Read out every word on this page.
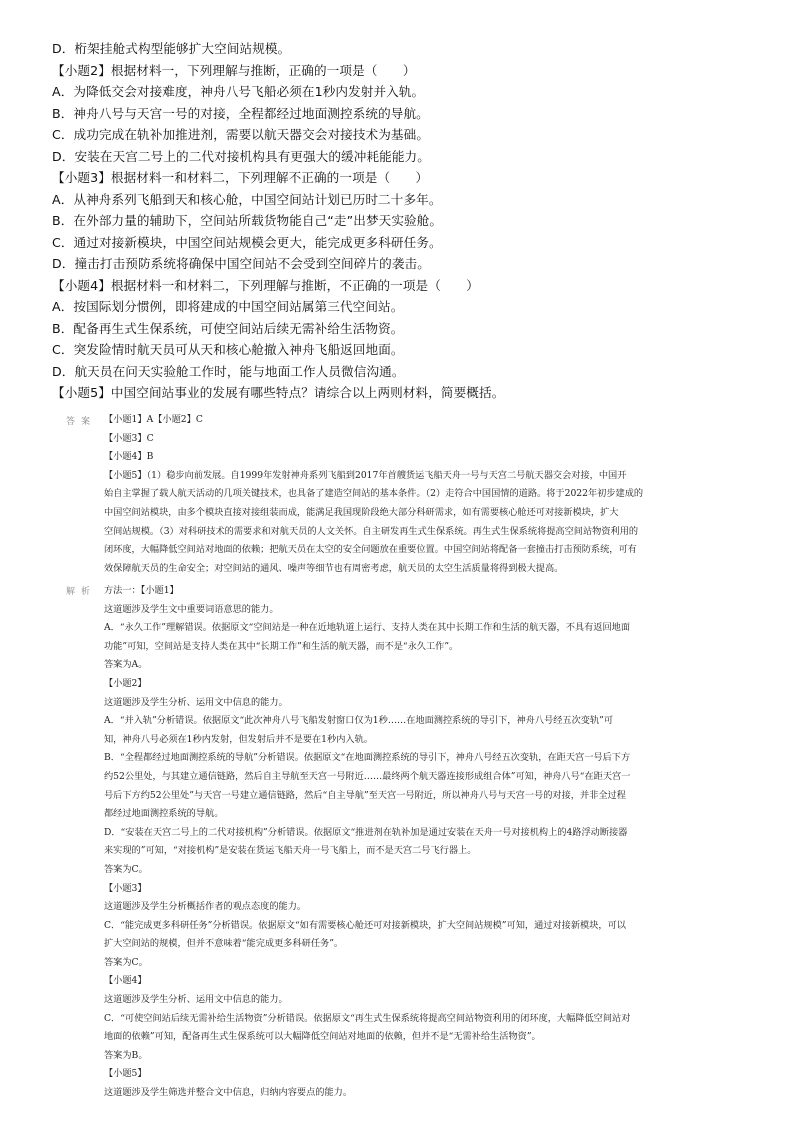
D．桁架挂舱式构型能够扩大空间站规模。
【小题2】根据材料一，下列理解与推断，正确的一项是（　　）
A．为降低交会对接难度，神舟八号飞船必须在1秒内发射并入轨。
B．神舟八号与天宫一号的对接，全程都经过地面测控系统的导航。
C．成功完成在轨补加推进剂，需要以航天器交会对接技术为基础。
D．安装在天宫二号上的二代对接机构具有更强大的缓冲耗能能力。
【小题3】根据材料一和材料二，下列理解不正确的一项是（　　）
A．从神舟系列飞船到天和核心舱，中国空间站计划已历时二十多年。
B．在外部力量的辅助下，空间站所载货物能自己“走”出梦天实验舱。
C．通过对接新模块，中国空间站规模会更大，能完成更多科研任务。
D．撞击打击预防系统将确保中国空间站不会受到空间碎片的袭击。
【小题4】根据材料一和材料二，下列理解与推断，不正确的一项是（　　）
A．按国际划分惯例，即将建成的中国空间站属第三代空间站。
B．配备再生式生保系统，可使空间站后续无需补给生活物资。
C．突发险情时航天员可从天和核心舱撤入神舟飞船返回地面。
D．航天员在问天实验舱工作时，能与地面工作人员微信沟通。
【小题5】中国空间站事业的发展有哪些特点？请综合以上两则材料，简要概括。
答案 【小题1】A【小题2】C
【小题3】C
【小题4】B
【小题5】（1）稳步向前发展。自1999年发射神舟系列飞船到2017年首艘货运飞船天舟一号与天宫二号航天器交会对接，中国开
始自主掌握了载人航天活动的几项关键技术，也具备了建造空间站的基本条件。（2）走符合中国国情的道路。将于2022年初步建成的
中国空间站模块，由多个模块直接对接组装而成，能满足我国现阶段绝大部分科研需求，如有需要核心舱还可对接新模块，扩大
空间站规模。（3）对科研技术的需要求和对航天员的人文关怀。自主研发再生式生保系统。再生式生保系统将提高空间站物资利用的
闭环度，大幅降低空间站对地面的依赖；把航天员在太空的安全问题放在重要位置。中国空间站将配备一套撞击打击预防系统，可有
效保障航天员的生命安全；对空间站的通风、噪声等细节也有周密考虑，航天员的太空生活质量将得到极大提高。
解析 方法一：【小题1】
这道题涉及学生文中重要词语意思的能力。
A．“永久工作”理解错误。依据原文“空间站是一种在近地轨道上运行、支持人类在其中长期工作和生活的航天器，不具有返回地面
功能”可知，空间站是支持人类在其中“长期工作”和生活的航天器，而不是“永久工作”。
答案为A。
【小题2】
这道题涉及学生分析、运用文中信息的能力。
A．“并入轨”分析错误。依据原文“此次神舟八号飞船发射窗口仅为1秒……在地面测控系统的导引下，神舟八号经五次变轨”可
知，神舟八号必须在1秒内发射，但发射后并不是要在1秒内入轨。
B．“全程都经过地面测控系统的导航”分析错误。依据原文“在地面测控系统的导引下，神舟八号经五次变轨，在距天宫一号后下方
约52公里处，与其建立通信链路，然后自主导航至天宫一号附近……最终两个航天器连接形成组合体”可知，神舟八号“在距天宫一
号后下方约52公里处”与天宫一号建立通信链路，然后“自主导航”至天宫一号附近，所以神舟八号与天宫一号的对接，并非全过程
都经过地面测控系统的导航。
D．“安装在天宫二号上的二代对接机构”分析错误。依据原文“推进剂在轨补加是通过安装在天舟一号对接机构上的4路浮动断接器
来实现的”可知，“对接机构”是安装在货运飞船天舟一号飞船上，而不是天宫二号飞行器上。
答案为C。
【小题3】
这道题涉及学生分析概括作者的观点态度的能力。
C．“能完成更多科研任务”分析错误。依据原文“如有需要核心舱还可对接新模块，扩大空间站规模”可知，通过对接新模块，可以
扩大空间站的规模，但并不意味着“能完成更多科研任务”。
答案为C。
【小题4】
这道题涉及学生分析、运用文中信息的能力。
C．“可使空间站后续无需补给生活物资”分析错误。依据原文“再生式生保系统将提高空间站物资利用的闭环度，大幅降低空间站对
地面的依赖”可知，配备再生式生保系统可以大幅降低空间站对地面的依赖，但并不是“无需补给生活物资”。
答案为B。
【小题5】
这道题涉及学生筛选并整合文中信息，归纳内容要点的能力。
